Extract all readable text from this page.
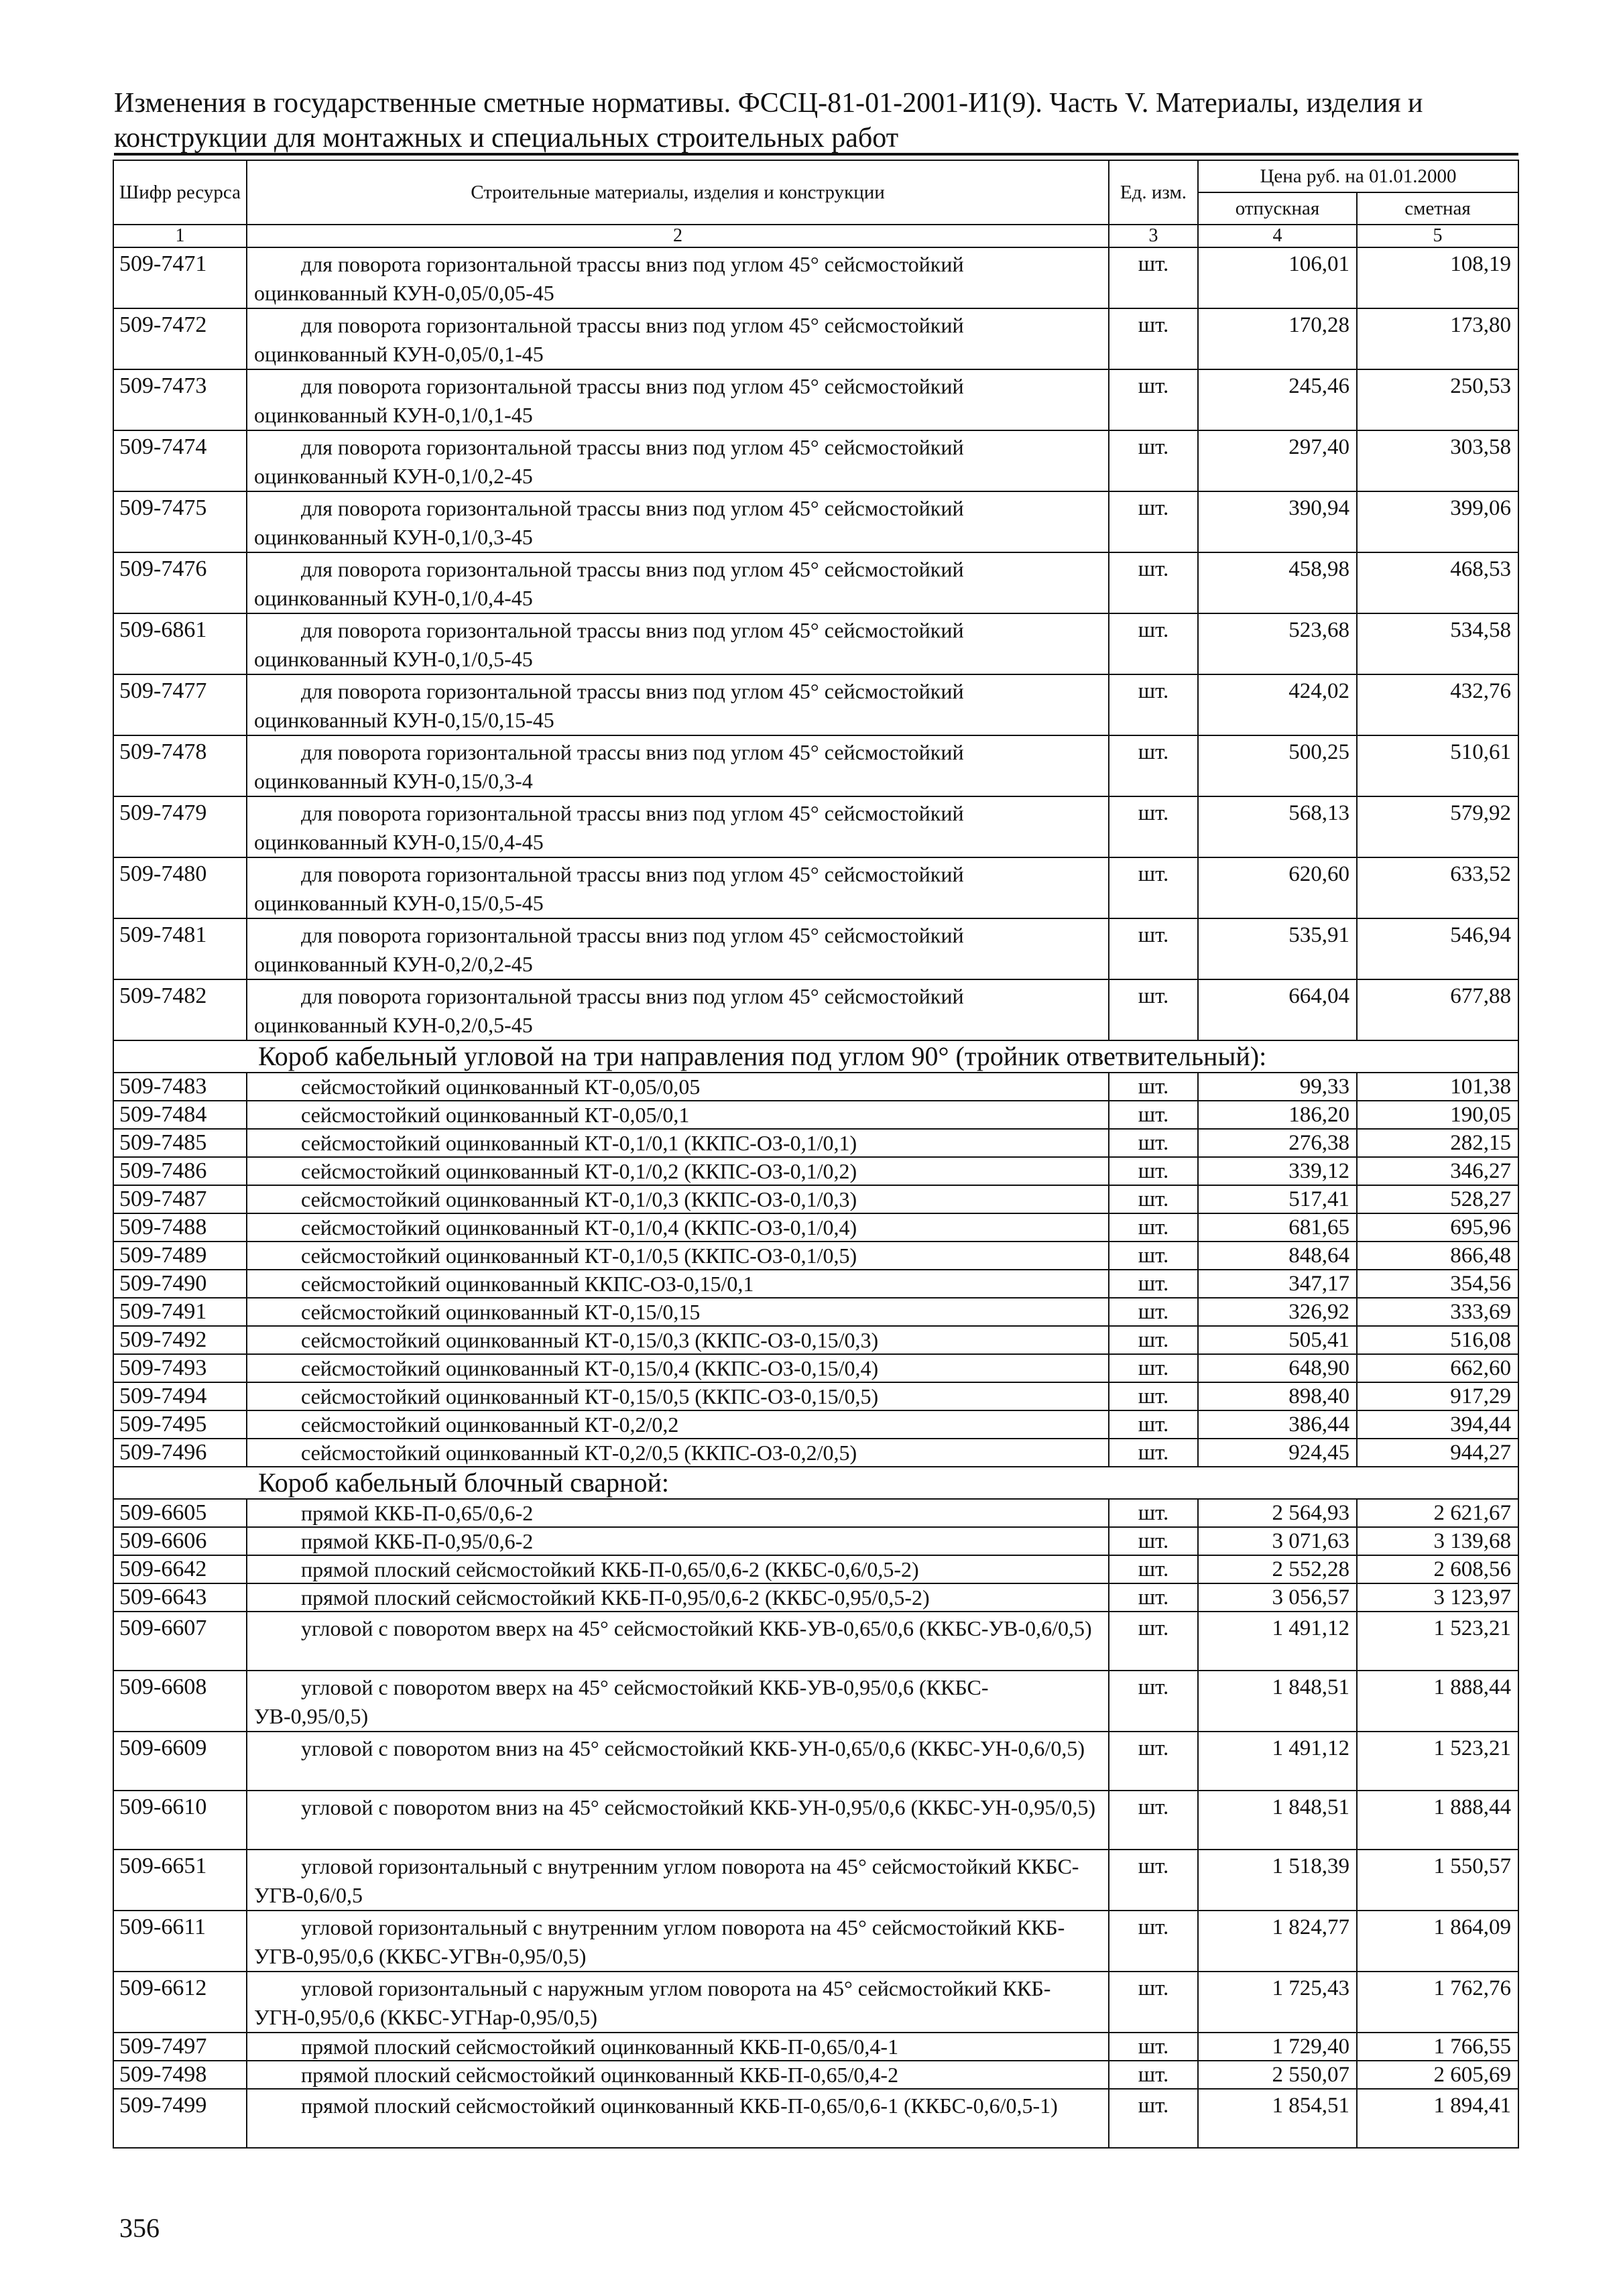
Изменения в государственные сметные нормативы. ФССЦ-81-01-2001-И1(9). Часть V. Материалы, изделия и
конструкции для монтажных и специальных строительных работ
Шифр ресурса	Строительные материалы, изделия и конструкции	Ед. изм.	Цена руб. на 01.01.2000	
			отпускная	сметная
1	2	3	4	5
509-7471	для поворота горизонтальной трассы вниз под углом 45° сейсмостойкий оцинкованный КУН-0,05/0,05-45	шт.	106,01	108,19
509-7472	для поворота горизонтальной трассы вниз под углом 45° сейсмостойкий оцинкованный КУН-0,05/0,1-45	шт.	170,28	173,80
509-7473	для поворота горизонтальной трассы вниз под углом 45° сейсмостойкий оцинкованный КУН-0,1/0,1-45	шт.	245,46	250,53
509-7474	для поворота горизонтальной трассы вниз под углом 45° сейсмостойкий оцинкованный КУН-0,1/0,2-45	шт.	297,40	303,58
509-7475	для поворота горизонтальной трассы вниз под углом 45° сейсмостойкий оцинкованный КУН-0,1/0,3-45	шт.	390,94	399,06
509-7476	для поворота горизонтальной трассы вниз под углом 45° сейсмостойкий оцинкованный КУН-0,1/0,4-45	шт.	458,98	468,53
509-6861	для поворота горизонтальной трассы вниз под углом 45° сейсмостойкий оцинкованный КУН-0,1/0,5-45	шт.	523,68	534,58
509-7477	для поворота горизонтальной трассы вниз под углом 45° сейсмостойкий оцинкованный КУН-0,15/0,15-45	шт.	424,02	432,76
509-7478	для поворота горизонтальной трассы вниз под углом 45° сейсмостойкий оцинкованный КУН-0,15/0,3-4	шт.	500,25	510,61
509-7479	для поворота горизонтальной трассы вниз под углом 45° сейсмостойкий оцинкованный КУН-0,15/0,4-45	шт.	568,13	579,92
509-7480	для поворота горизонтальной трассы вниз под углом 45° сейсмостойкий оцинкованный КУН-0,15/0,5-45	шт.	620,60	633,52
509-7481	для поворота горизонтальной трассы вниз под углом 45° сейсмостойкий оцинкованный КУН-0,2/0,2-45	шт.	535,91	546,94
509-7482	для поворота горизонтальной трассы вниз под углом 45° сейсмостойкий оцинкованный КУН-0,2/0,5-45	шт.	664,04	677,88
Короб кабельный угловой на три направления под углом 90° (тройник ответвительный):				
509-7483	сейсмостойкий оцинкованный КТ-0,05/0,05	шт.	99,33	101,38
509-7484	сейсмостойкий оцинкованный КТ-0,05/0,1	шт.	186,20	190,05
509-7485	сейсмостойкий оцинкованный КТ-0,1/0,1 (ККПС-ОЗ-0,1/0,1)	шт.	276,38	282,15
509-7486	сейсмостойкий оцинкованный КТ-0,1/0,2 (ККПС-ОЗ-0,1/0,2)	шт.	339,12	346,27
509-7487	сейсмостойкий оцинкованный КТ-0,1/0,3 (ККПС-ОЗ-0,1/0,3)	шт.	517,41	528,27
509-7488	сейсмостойкий оцинкованный КТ-0,1/0,4 (ККПС-ОЗ-0,1/0,4)	шт.	681,65	695,96
509-7489	сейсмостойкий оцинкованный КТ-0,1/0,5 (ККПС-ОЗ-0,1/0,5)	шт.	848,64	866,48
509-7490	сейсмостойкий оцинкованный ККПС-ОЗ-0,15/0,1	шт.	347,17	354,56
509-7491	сейсмостойкий оцинкованный КТ-0,15/0,15	шт.	326,92	333,69
509-7492	сейсмостойкий оцинкованный КТ-0,15/0,3 (ККПС-ОЗ-0,15/0,3)	шт.	505,41	516,08
509-7493	сейсмостойкий оцинкованный КТ-0,15/0,4 (ККПС-ОЗ-0,15/0,4)	шт.	648,90	662,60
509-7494	сейсмостойкий оцинкованный КТ-0,15/0,5 (ККПС-ОЗ-0,15/0,5)	шт.	898,40	917,29
509-7495	сейсмостойкий оцинкованный КТ-0,2/0,2	шт.	386,44	394,44
509-7496	сейсмостойкий оцинкованный КТ-0,2/0,5 (ККПС-ОЗ-0,2/0,5)	шт.	924,45	944,27
Короб кабельный блочный сварной:				
509-6605	прямой ККБ-П-0,65/0,6-2	шт.	2 564,93	2 621,67
509-6606	прямой ККБ-П-0,95/0,6-2	шт.	3 071,63	3 139,68
509-6642	прямой плоский сейсмостойкий ККБ-П-0,65/0,6-2 (ККБС-0,6/0,5-2)	шт.	2 552,28	2 608,56
509-6643	прямой плоский сейсмостойкий ККБ-П-0,95/0,6-2 (ККБС-0,95/0,5-2)	шт.	3 056,57	3 123,97
509-6607	угловой с поворотом вверх на 45° сейсмостойкий ККБ-УВ-0,65/0,6 (ККБС-УВ-0,6/0,5)	шт.	1 491,12	1 523,21
509-6608	угловой с поворотом вверх на 45° сейсмостойкий ККБ-УВ-0,95/0,6 (ККБС-УВ-0,95/0,5)	шт.	1 848,51	1 888,44
509-6609	угловой с поворотом вниз на 45° сейсмостойкий ККБ-УН-0,65/0,6 (ККБС-УН-0,6/0,5)	шт.	1 491,12	1 523,21
509-6610	угловой с поворотом вниз на 45° сейсмостойкий ККБ-УН-0,95/0,6 (ККБС-УН-0,95/0,5)	шт.	1 848,51	1 888,44
509-6651	угловой горизонтальный с внутренним углом поворота на 45° сейсмостойкий ККБС-УГВ-0,6/0,5	шт.	1 518,39	1 550,57
509-6611	угловой горизонтальный с внутренним углом поворота на 45° сейсмостойкий ККБ-УГВ-0,95/0,6 (ККБС-УГВн-0,95/0,5)	шт.	1 824,77	1 864,09
509-6612	угловой горизонтальный с наружным углом поворота на 45° сейсмостойкий ККБ-УГН-0,95/0,6 (ККБС-УГНар-0,95/0,5)	шт.	1 725,43	1 762,76
509-7497	прямой плоский сейсмостойкий оцинкованный ККБ-П-0,65/0,4-1	шт.	1 729,40	1 766,55
509-7498	прямой плоский сейсмостойкий оцинкованный ККБ-П-0,65/0,4-2	шт.	2 550,07	2 605,69
509-7499	прямой плоский сейсмостойкий оцинкованный ККБ-П-0,65/0,6-1 (ККБС-0,6/0,5-1)	шт.	1 854,51	1 894,41
356
